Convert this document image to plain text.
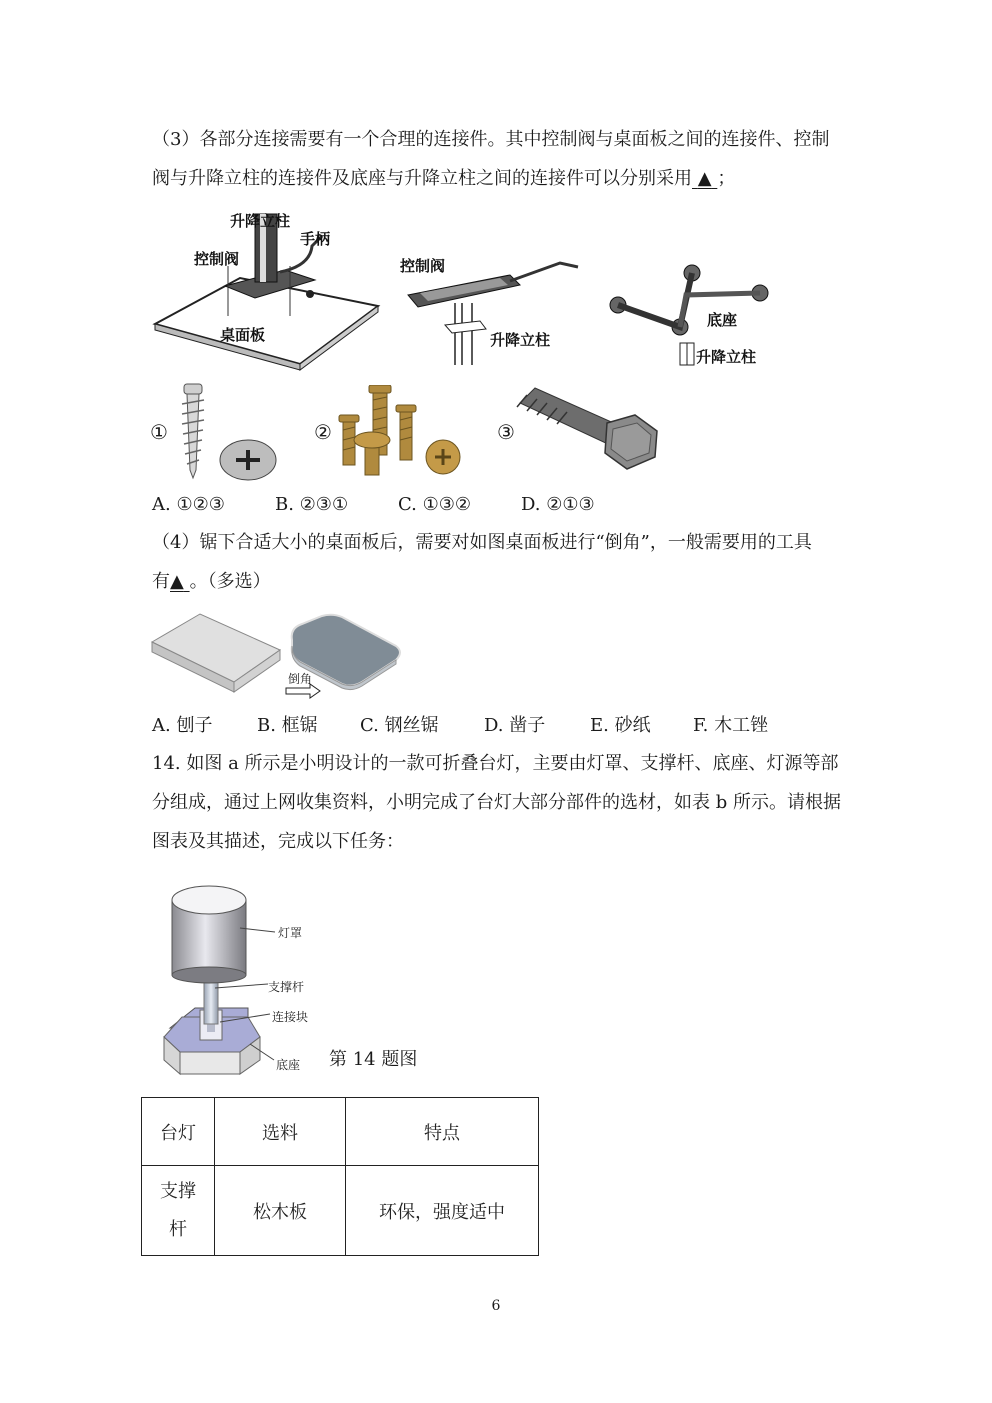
（3）各部分连接需要有一个合理的连接件。其中控制阀与桌面板之间的连接件、控制
阀与升降立柱的连接件及底座与升降立柱之间的连接件可以分别采用 ▲ ；
升降立柱
手柄
控制阀
桌面板
控制阀
升降立柱
底座
升降立柱
①	②	③
A. ①②③	B. ②③①	C. ①③②	D. ②①③
（4）锯下合适大小的桌面板后，需要对如图桌面板进行“倒角”，一般需要用的工具
有▲ 。（多选）
倒角
A. 刨子 B. 框锯 C. 钢丝锯	D. 凿子 E. 砂纸 F. 木工锉
14. 如图 a 所示是小明设计的一款可折叠台灯，主要由灯罩、支撑杆、底座、灯源等部
分组成，通过上网收集资料，小明完成了台灯大部分部件的选材，如表 b 所示。请根据
图表及其描述，完成以下任务：
灯罩
支撑杆
连接块
底座 第 14 题图
台灯	选料	特点
支撑杆	松木板	环保，强度适中
6
